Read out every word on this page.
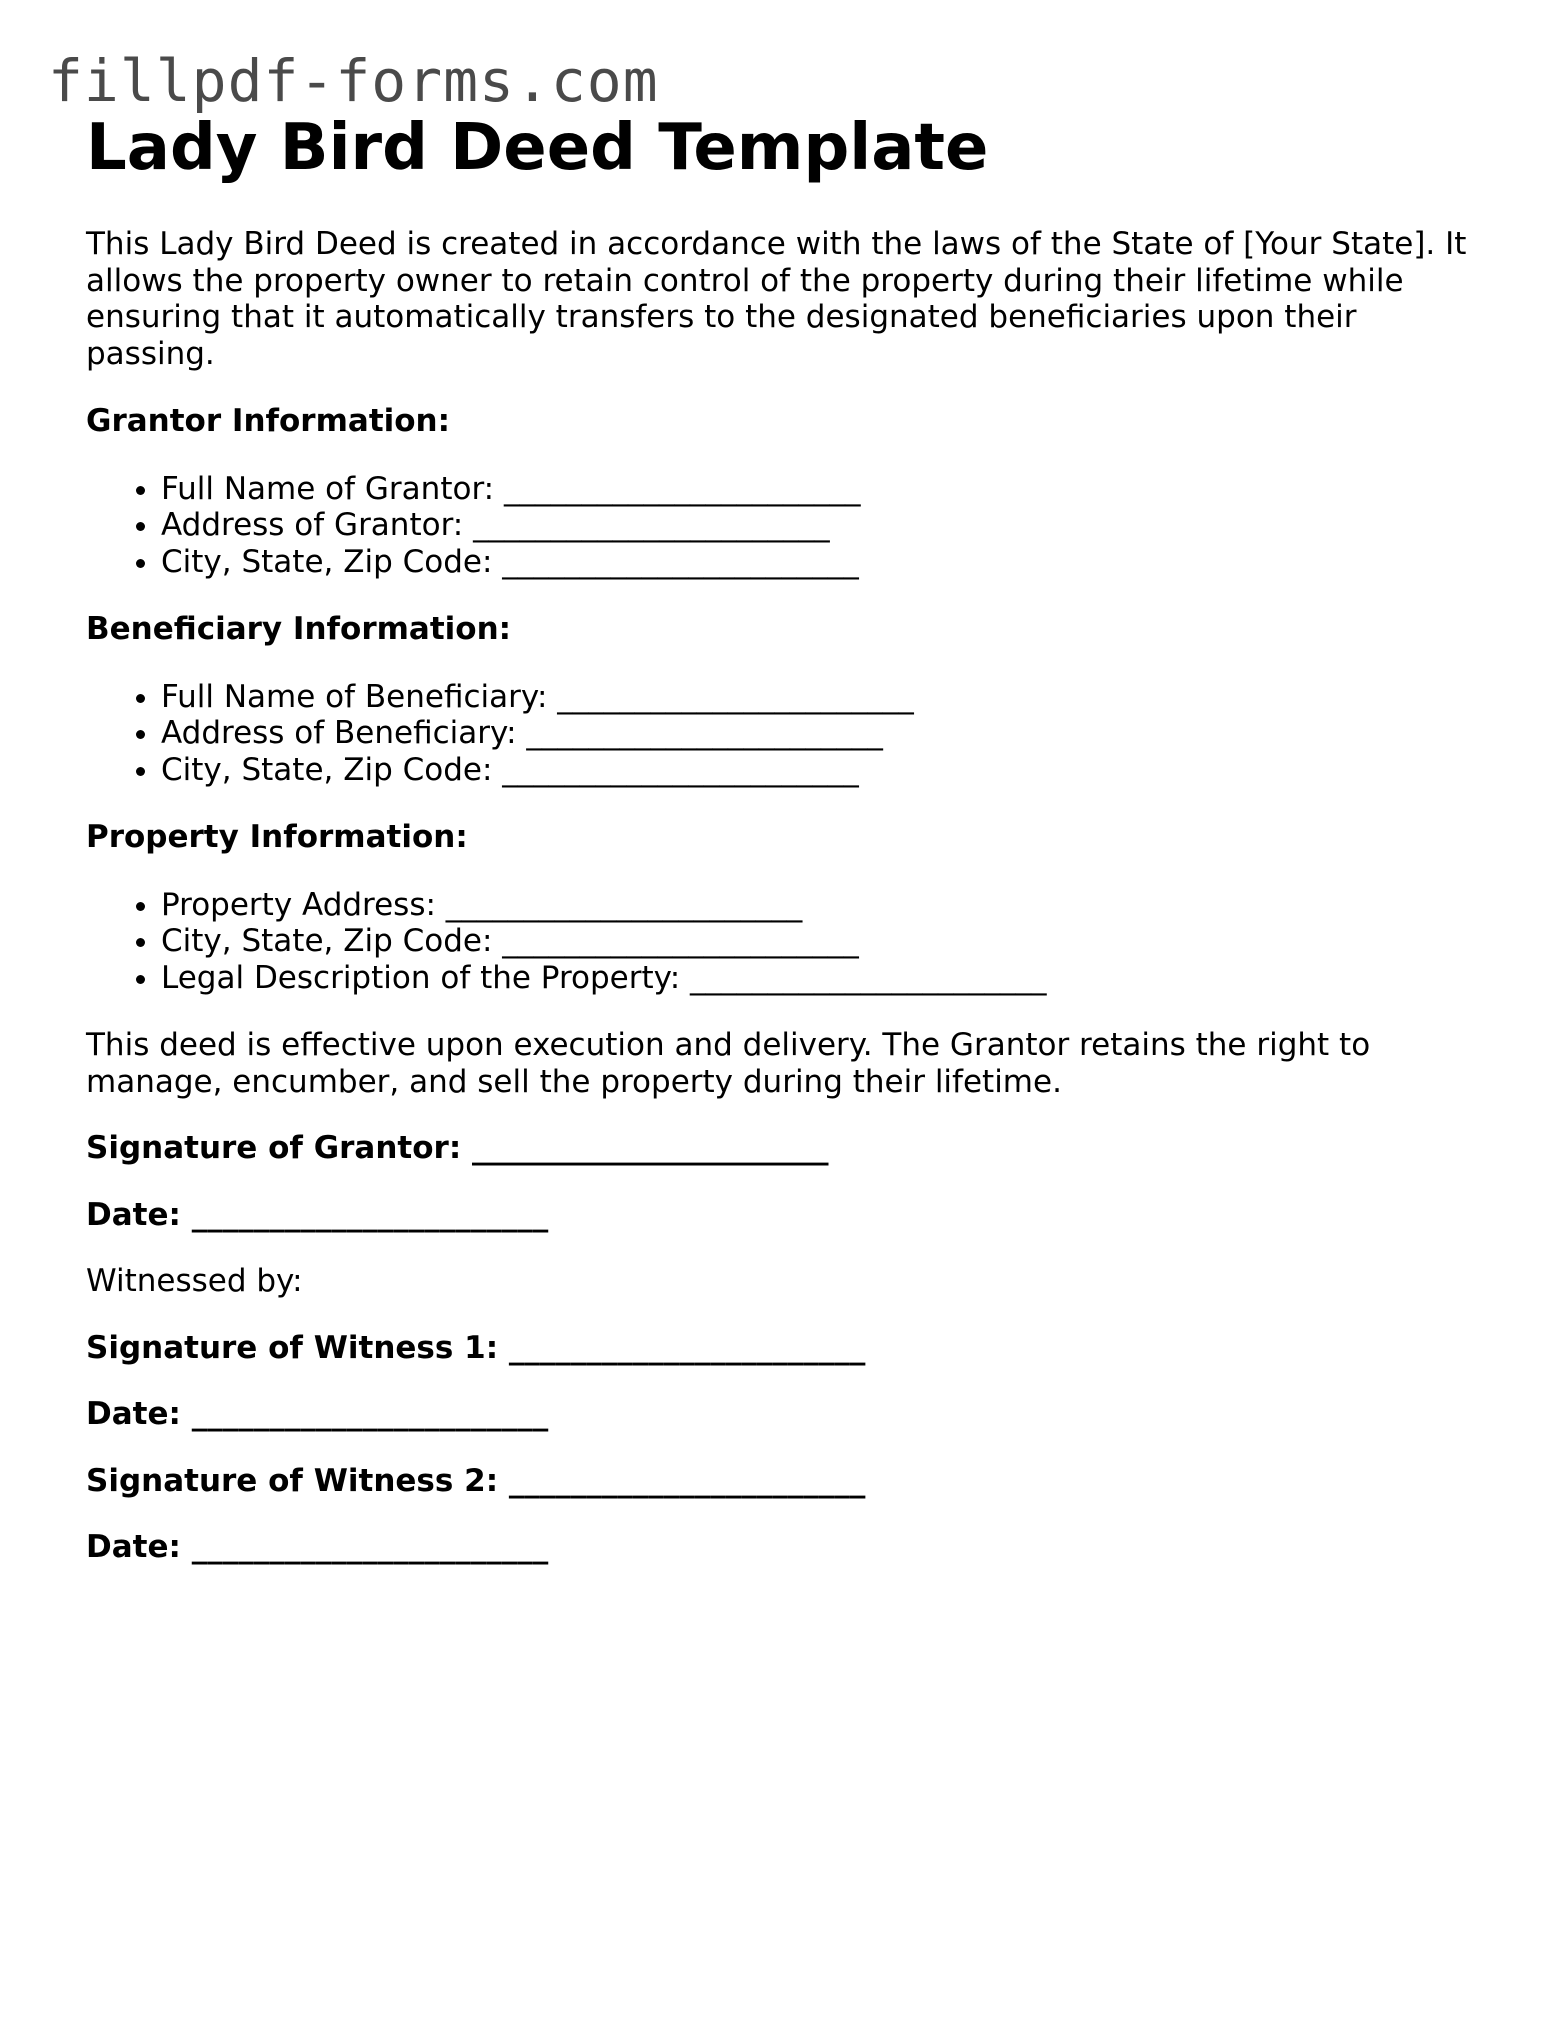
fillpdf-forms.com
Lady Bird Deed Template

This Lady Bird Deed is created in accordance with the laws of the State of [Your State]. It allows the property owner to retain control of the property during their lifetime while ensuring that it automatically transfers to the designated beneficiaries upon their passing.

Grantor Information:

• Full Name of Grantor: _______________________
• Address of Grantor: _______________________
• City, State, Zip Code: _______________________

Beneficiary Information:

• Full Name of Beneficiary: _______________________
• Address of Beneficiary: _______________________
• City, State, Zip Code: _______________________

Property Information:

• Property Address: _______________________
• City, State, Zip Code: _______________________
• Legal Description of the Property: _______________________

This deed is effective upon execution and delivery. The Grantor retains the right to manage, encumber, and sell the property during their lifetime.

Signature of Grantor: _______________________

Date: _______________________

Witnessed by:

Signature of Witness 1: _______________________

Date: _______________________

Signature of Witness 2: _______________________

Date: _______________________
